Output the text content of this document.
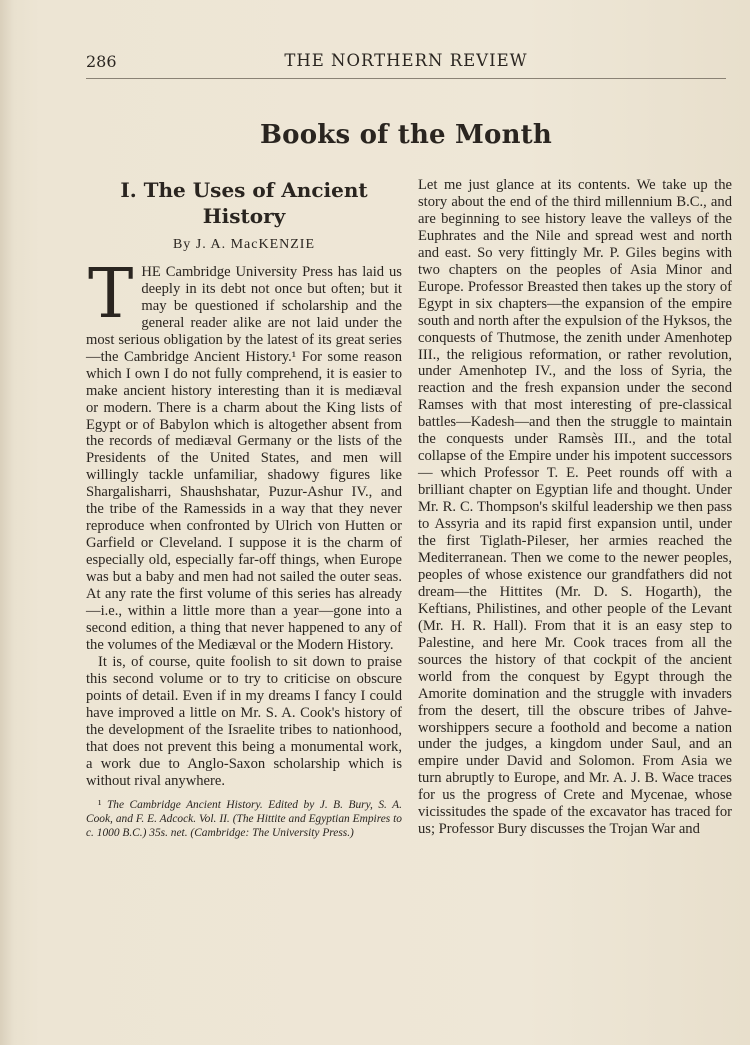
286	THE NORTHERN REVIEW
Books of the Month
I. The Uses of Ancient
History
By J. A. MacKENZIE

THE Cambridge University Press has laid us deeply in its debt not once but often; but it may be questioned if scholarship and the general reader alike are not laid under the most serious obligation by the latest of its great series—the Cambridge Ancient History.¹ For some reason which I own I do not fully comprehend, it is easier to make ancient history interesting than it is mediæval or modern. There is a charm about the King lists of Egypt or of Babylon which is altogether absent from the records of mediæval Germany or the lists of the Presidents of the United States, and men will willingly tackle unfamiliar, shadowy figures like Shargalisharri, Shaushshatar, Puzur-Ashur IV., and the tribe of the Ramessids in a way that they never reproduce when confronted by Ulrich von Hutten or Garfield or Cleveland. I suppose it is the charm of especially old, especially far-off things, when Europe was but a baby and men had not sailed the outer seas. At any rate the first volume of this series has already—i.e., within a little more than a year—gone into a second edition, a thing that never happened to any of the volumes of the Mediæval or the Modern History.

It is, of course, quite foolish to sit down to praise this second volume or to try to criticise on obscure points of detail. Even if in my dreams I fancy I could have improved a little on Mr. S. A. Cook's history of the development of the Israelite tribes to nationhood, that does not prevent this being a monumental work, a work due to Anglo-Saxon scholarship which is without rival anywhere.

¹ The Cambridge Ancient History. Edited by J. B. Bury, S. A. Cook, and F. E. Adcock. Vol. II. (The Hittite and Egyptian Empires to c. 1000 B.C.) 35s. net. (Cambridge: The University Press.)

Let me just glance at its contents. We take up the story about the end of the third millennium B.C., and are beginning to see history leave the valleys of the Euphrates and the Nile and spread west and north and east. So very fittingly Mr. P. Giles begins with two chapters on the peoples of Asia Minor and Europe. Professor Breasted then takes up the story of Egypt in six chapters—the expansion of the empire south and north after the expulsion of the Hyksos, the conquests of Thutmose, the zenith under Amenhotep III., the religious reformation, or rather revolution, under Amenhotep IV., and the loss of Syria, the reaction and the fresh expansion under the second Ramses with that most interesting of pre-classical battles—Kadesh—and then the struggle to maintain the conquests under Ramsès III., and the total collapse of the Empire under his impotent successors — which Professor T. E. Peet rounds off with a brilliant chapter on Egyptian life and thought. Under Mr. R. C. Thompson's skilful leadership we then pass to Assyria and its rapid first expansion until, under the first Tiglath-Pileser, her armies reached the Mediterranean. Then we come to the newer peoples, peoples of whose existence our grandfathers did not dream—the Hittites (Mr. D. S. Hogarth), the Keftians, Philistines, and other people of the Levant (Mr. H. R. Hall). From that it is an easy step to Palestine, and here Mr. Cook traces from all the sources the history of that cockpit of the ancient world from the conquest by Egypt through the Amorite domination and the struggle with invaders from the desert, till the obscure tribes of Jahve-worshippers secure a foothold and become a nation under the judges, a kingdom under Saul, and an empire under David and Solomon. From Asia we turn abruptly to Europe, and Mr. A. J. B. Wace traces for us the progress of Crete and Mycenae, whose vicissitudes the spade of the excavator has traced for us; Professor Bury discusses the Trojan War and
